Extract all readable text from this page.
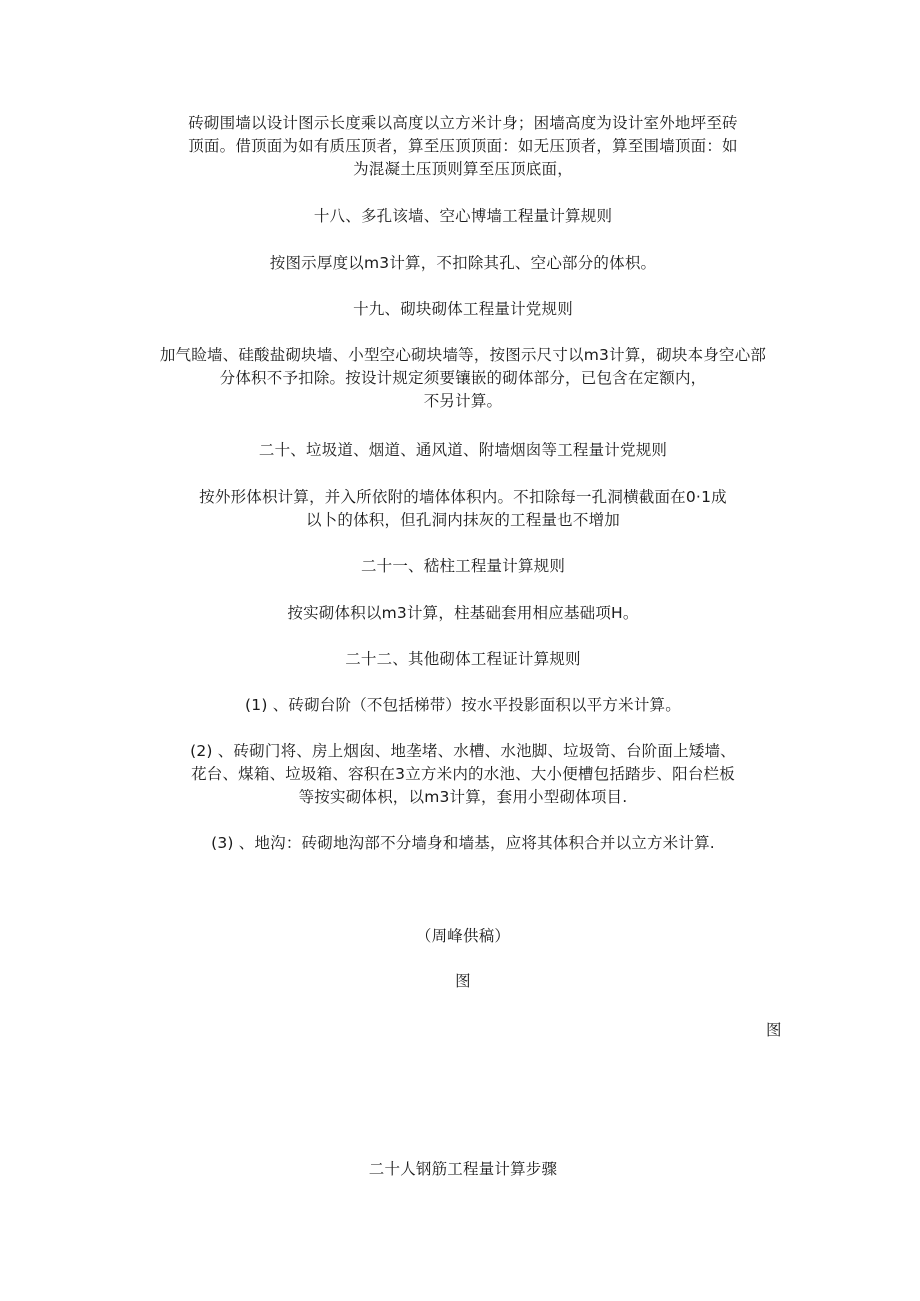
砖砌围墙以设计图示长度乘以高度以立方米计身；困墙高度为设计室外地坪至砖
顶面。借顶面为如有质压顶者，算至压顶顶面：如无压顶者，算至围墙顶面：如
为混凝土压顶则算至压顶底面，
十八、多孔该墙、空心博墙工程量计算规则
按图示厚度以m3计算，不扣除其孔、空心部分的体枳。
十九、砌块砌体工程量计党规则
加气睑墙、硅酸盐砌块墙、小型空心砌块墙等，按图示尺寸以m3计算，砌块本身空心部
分体积不予扣除。按设计规定须要镶嵌的砌体部分，已包含在定额内，
不另计算。
二十、垃圾道、烟道、通风道、附墙烟囱等工程量计党规则
按外形体枳计算，并入所依附的墙体体积内。不扣除每一孔洞横截面在0·1成
以卜的体积，但孔洞内抹灰的工程量也不增加
二十一、嵇柱工程量计算规则
按实砌体积以m3计算，柱基础套用相应基础项H。
二十二、其他砌体工程证计算规则
(1) 、砖砌台阶（不包括梯带）按水平投影面积以平方米计算。
(2) 、砖砌门将、房上烟囱、地垄堵、水槽、水池脚、垃圾笥、台阶面上矮墙、
花台、煤箱、垃圾箱、容积在3立方米内的水池、大小便槽包括踏步、阳台栏板
等按实砌体枳，以m3计算，套用小型砌体项目.
(3) 、地沟：砖砌地沟部不分墙身和墙基，应将其体积合并以立方米计算.
（周峰供稿）
图
图
二十人钢筋工程量计算步骤
